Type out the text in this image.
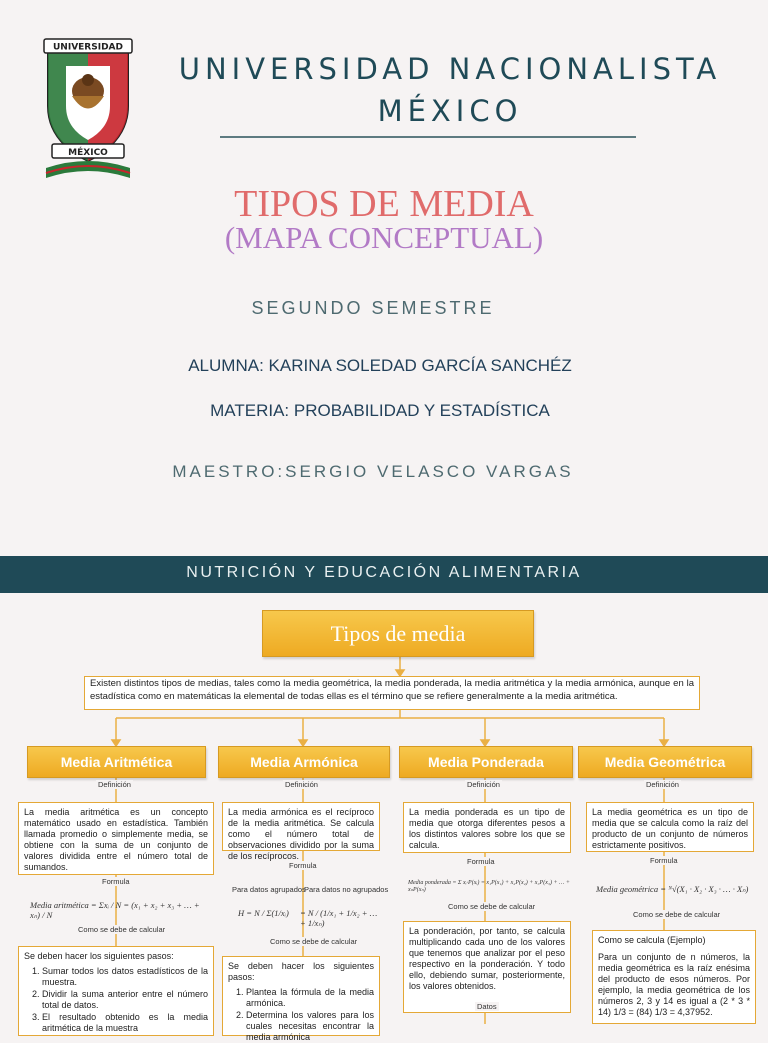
UNIVERSIDAD
MÉXICO
UNIVERSIDAD NACIONALISTA
MÉXICO
TIPOS DE MEDIA
(MAPA CONCEPTUAL)
SEGUNDO SEMESTRE
ALUMNA: KARINA SOLEDAD GARCÍA SANCHÉZ
MATERIA: PROBABILIDAD Y ESTADÍSTICA
MAESTRO:SERGIO VELASCO VARGAS
NUTRICIÓN Y EDUCACIÓN ALIMENTARIA
Tipos de media
Existen distintos tipos de medias, tales como la media geométrica, la media ponderada, la media aritmética y la media armónica, aunque en la estadística como en matemáticas la elemental de todas ellas es el término que se refiere generalmente a la media aritmética.
Media Aritmética	Media Armónica	Media Ponderada	Media Geométrica
Definición	Definición	Definición	Definición
La media aritmética es un concepto matemático usado en estadística. También llamada promedio o simplemente media, se obtiene con la suma de un conjunto de valores dividida entre el número total de sumandos.
Formula
Media aritmética = Σxᵢ / N = (x₁ + x₂ + x₃ + … + xₙ) / N
Como se debe de calcular
Se deben hacer los siguientes pasos:
1. Sumar todos los datos estadísticos de la muestra.
2. Dividir la suma anterior entre el número total de datos.
3. El resultado obtenido es la media aritmética de la muestra
La media armónica es el recíproco de la media aritmética. Se calcula como el número total de observaciones dividido por la suma de los recíprocos.
Formula
Para datos agrupados
Para datos no agrupados
H = N / Σ(1/xᵢ)	= N / (1/x₁ + 1/x₂ + … + 1/xₙ)
Como se debe de calcular
Se deben hacer los siguientes pasos:
1. Plantea la fórmula de la media armónica.
2. Determina los valores para los cuales necesitas encontrar la media armónica
La media ponderada es un tipo de media que otorga diferentes pesos a los distintos valores sobre los que se calcula.
Formula
Media ponderada = Σ xᵢ·P(xᵢ) = x₁P(x₁) + x₂P(x₂) + x₃P(x₃) + … + xₙP(xₙ)
Como se debe de calcular
La ponderación, por tanto, se calcula multiplicando cada uno de los valores que tenemos que analizar por el peso respectivo en la ponderación. Y todo ello, debiendo sumar, posteriormente, los valores obtenidos.
Datos
La media geométrica es un tipo de media que se calcula como la raíz del producto de un conjunto de números estrictamente positivos.
Formula
Media geométrica = ᴺ√(X₁ · X₂ · X₃ · … · Xₙ)
Como se debe de calcular
Como se calcula (Ejemplo)
Para un conjunto de n números, la media geométrica es la raíz enésima del producto de esos números. Por ejemplo, la media geométrica de los números 2, 3 y 14 es igual a (2 * 3 * 14) 1/3 = (84) 1/3 = 4,37952.
